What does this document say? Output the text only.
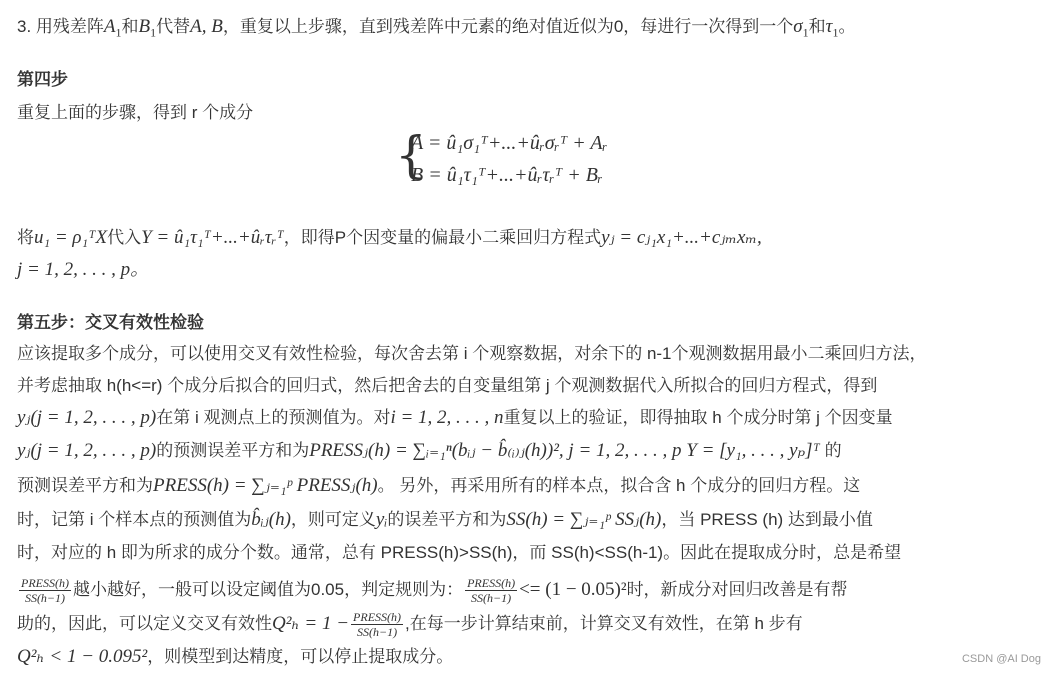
3. 用残差阵$A_1$和$B_1$代替A, B，重复以上步骤，直到残差阵中元素的绝对值近似为0，每进行一次得到一个$\sigma_1$和$\tau_1$。
第四步
重复上面的步骤，得到 r 个成分
{
A = û₁σ₁ᵀ+...+ûᵣσᵣᵀ + Aᵣ
B = û₁τ₁ᵀ+...+ûᵣτᵣᵀ + Bᵣ
将u₁ = ρ₁ᵀX代入Y = û₁τ₁ᵀ+...+ûᵣτᵣᵀ，即得P个因变量的偏最小二乘回归方程式yⱼ = cⱼ₁x₁+...+cⱼₘxₘ,
j = 1, 2, . . . , p。
第五步：交叉有效性检验
应该提取多个成分，可以使用交叉有效性检验，每次舍去第 i 个观察数据，对余下的 n-1个观测数据用最小二乘回归方法，
并考虑抽取 h(h<=r) 个成分后拟合的回归式，然后把舍去的自变量组第 j 个观测数据代入所拟合的回归方程式，得到
yⱼ(j = 1, 2, . . . , p)在第 i 观测点上的预测值为。对i = 1, 2, . . . , n重复以上的验证，即得抽取 h 个成分时第 j 个因变量
yⱼ(j = 1, 2, . . . , p)的预测误差平方和为PRESSⱼ(h) = ∑ᵢ₌₁ⁿ(bᵢⱼ − b̂₍ᵢ₎ⱼ(h))², j = 1, 2, . . . , p Y = [y₁, . . . , yₚ]ᵀ 的
预测误差平方和为PRESS(h) = ∑ⱼ₌₁ᵖ PRESSⱼ(h)。 另外，再采用所有的样本点，拟合含 h 个成分的回归方程。这
时，记第 i 个样本点的预测值为b̂ᵢⱼ(h)，则可定义yᵢ的误差平方和为SS(h) = ∑ⱼ₌₁ᵖ SSⱼ(h)，当 PRESS (h) 达到最小值
时，对应的 h 即为所求的成分个数。通常，总有 PRESS(h)>SS(h)，而 SS(h)<SS(h-1)。因此在提取成分时，总是希望
$\frac{\text{PRESS(h)}}{SS(h-1)}$ 越小越好，一般可以设定阈值为0.05，判定规则为： $\frac{\text{PRESS(h)}}{SS(h-1)} <= (1 - 0.05)^2$时，新成分对回归改善是有帮
助的，因此，可以定义交叉有效性$Q^2_h = 1 - \frac{\text{PRESS(h)}}{SS(h-1)}$ ,在每一步计算结束前，计算交叉有效性，在第 h 步有
Q²ₕ < 1 − 0.095²，则模型到达精度，可以停止提取成分。	CSDN @AI Dog
